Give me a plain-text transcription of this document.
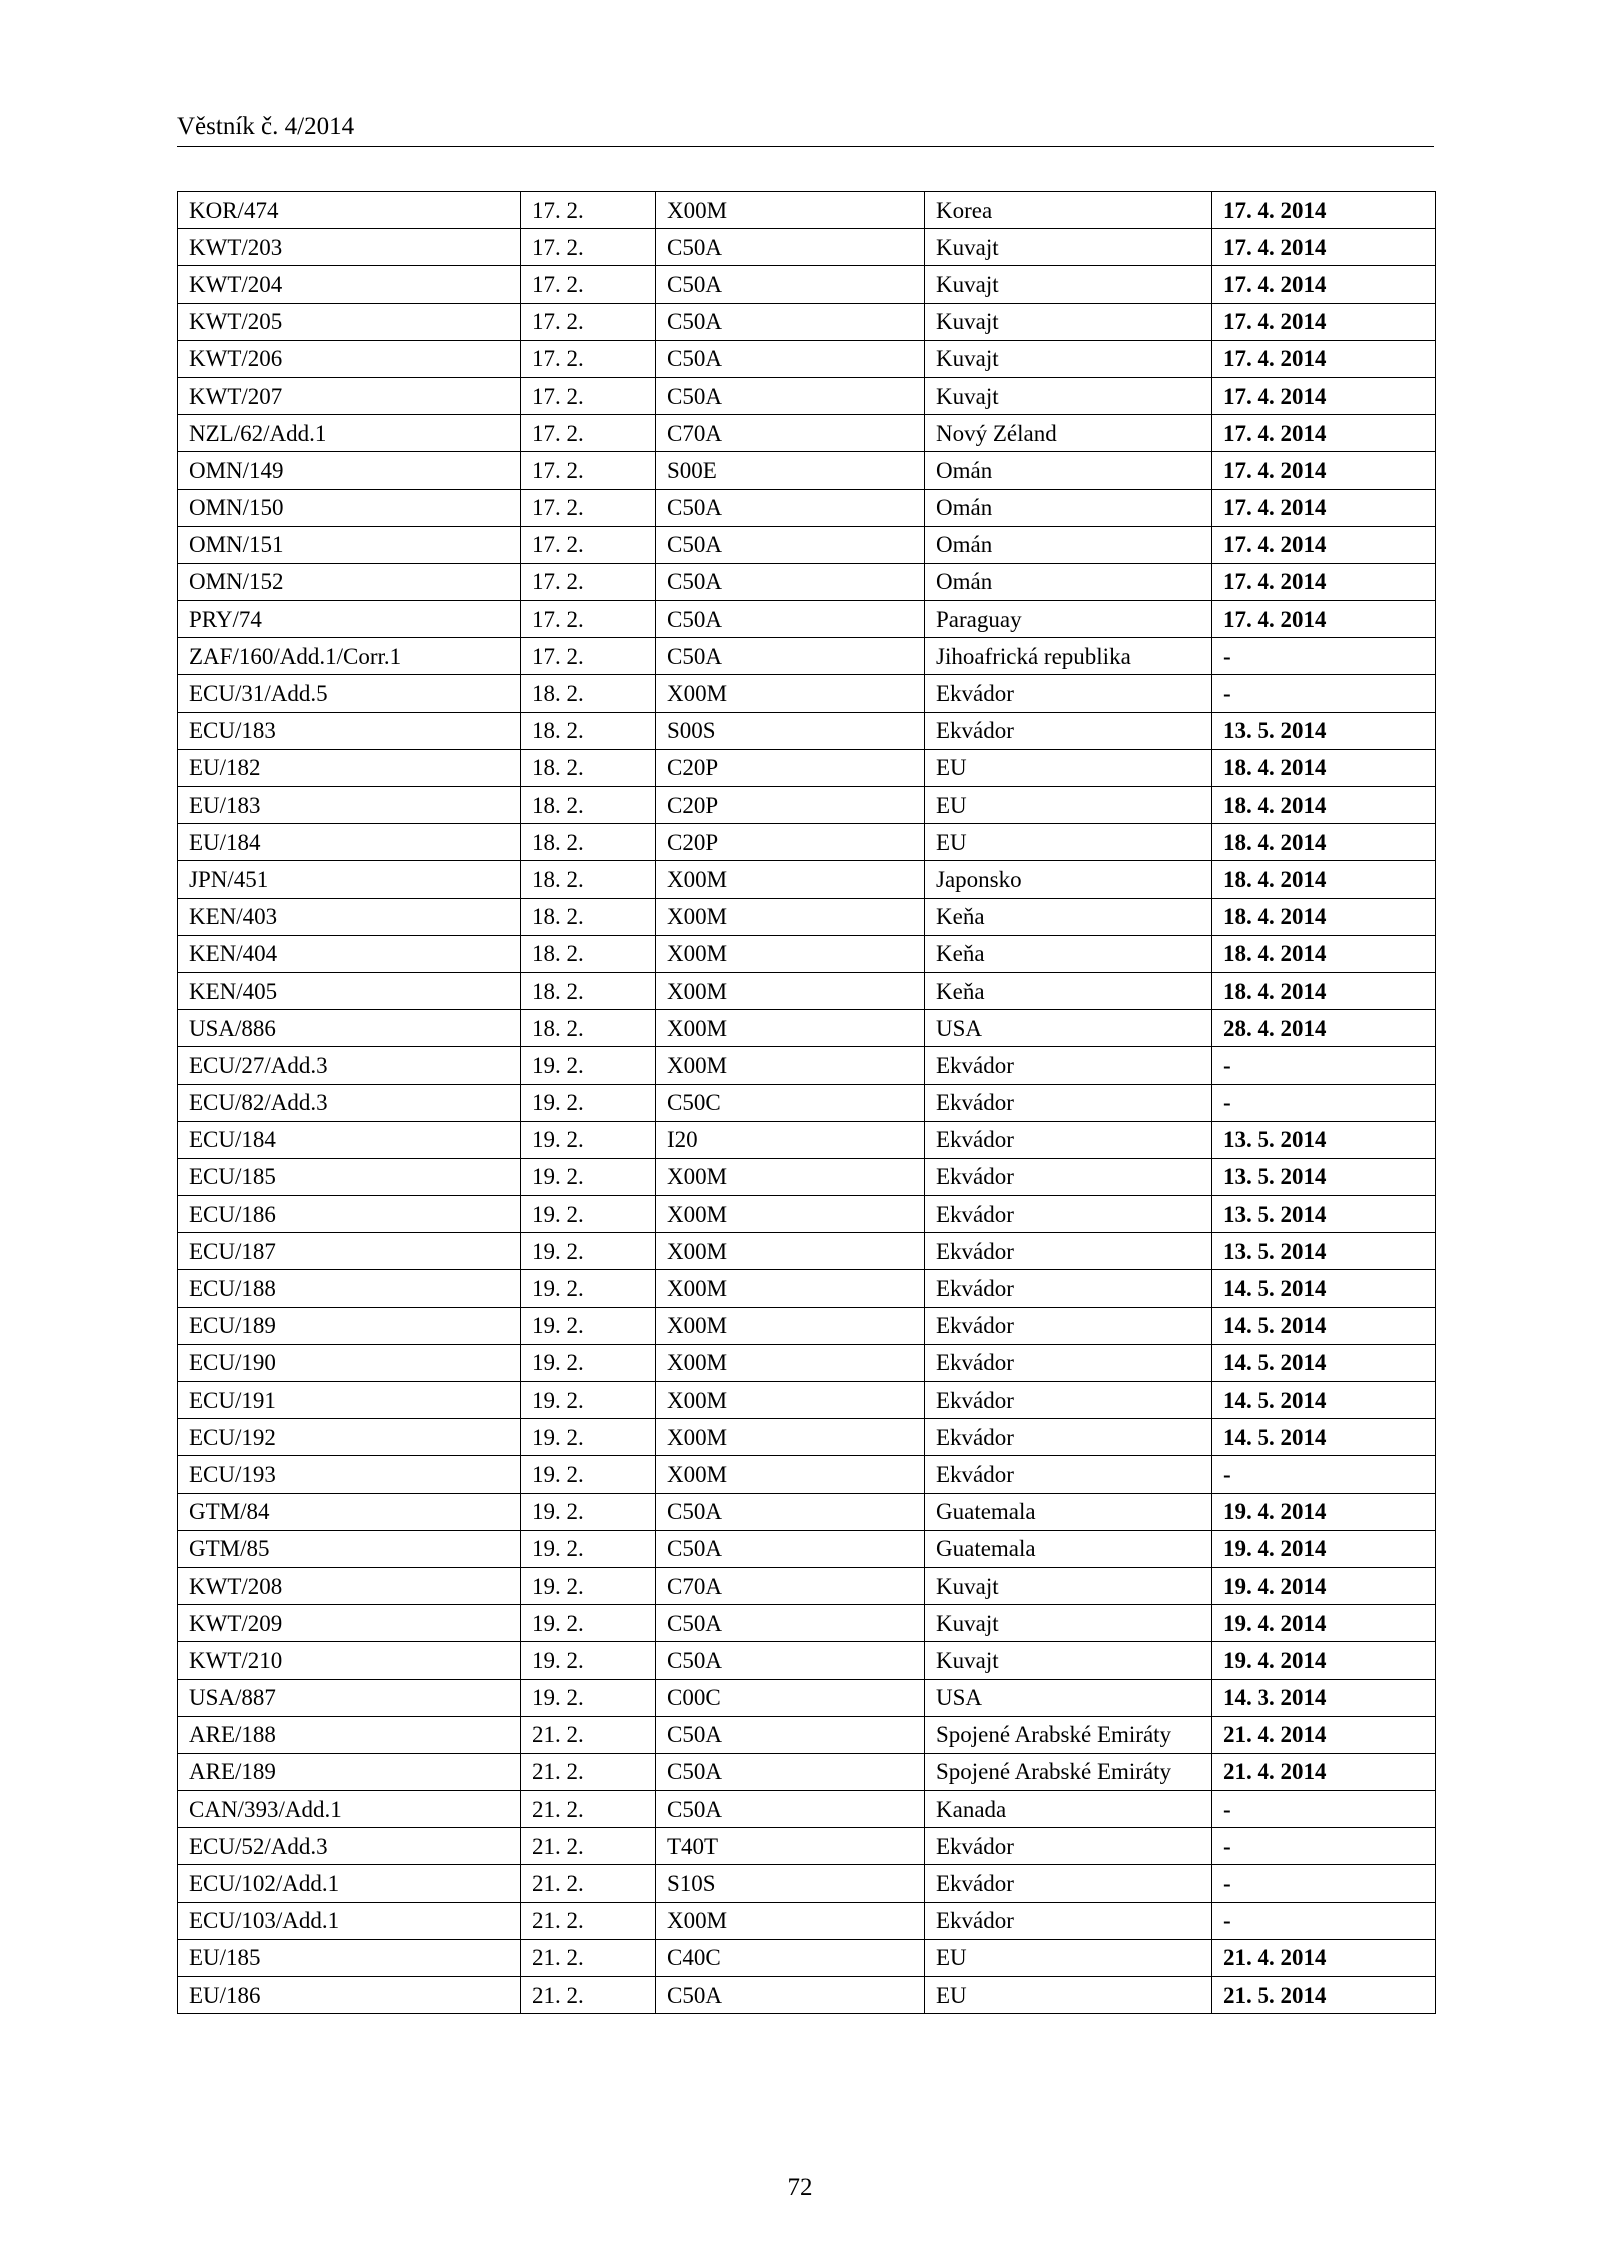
Věstník č. 4/2014
KOR/474	17. 2.	X00M	Korea	17. 4. 2014
KWT/203	17. 2.	C50A	Kuvajt	17. 4. 2014
KWT/204	17. 2.	C50A	Kuvajt	17. 4. 2014
KWT/205	17. 2.	C50A	Kuvajt	17. 4. 2014
KWT/206	17. 2.	C50A	Kuvajt	17. 4. 2014
KWT/207	17. 2.	C50A	Kuvajt	17. 4. 2014
NZL/62/Add.1	17. 2.	C70A	Nový Zéland	17. 4. 2014
OMN/149	17. 2.	S00E	Omán	17. 4. 2014
OMN/150	17. 2.	C50A	Omán	17. 4. 2014
OMN/151	17. 2.	C50A	Omán	17. 4. 2014
OMN/152	17. 2.	C50A	Omán	17. 4. 2014
PRY/74	17. 2.	C50A	Paraguay	17. 4. 2014
ZAF/160/Add.1/Corr.1	17. 2.	C50A	Jihoafrická republika	-
ECU/31/Add.5	18. 2.	X00M	Ekvádor	-
ECU/183	18. 2.	S00S	Ekvádor	13. 5. 2014
EU/182	18. 2.	C20P	EU	18. 4. 2014
EU/183	18. 2.	C20P	EU	18. 4. 2014
EU/184	18. 2.	C20P	EU	18. 4. 2014
JPN/451	18. 2.	X00M	Japonsko	18. 4. 2014
KEN/403	18. 2.	X00M	Keňa	18. 4. 2014
KEN/404	18. 2.	X00M	Keňa	18. 4. 2014
KEN/405	18. 2.	X00M	Keňa	18. 4. 2014
USA/886	18. 2.	X00M	USA	28. 4. 2014
ECU/27/Add.3	19. 2.	X00M	Ekvádor	-
ECU/82/Add.3	19. 2.	C50C	Ekvádor	-
ECU/184	19. 2.	I20	Ekvádor	13. 5. 2014
ECU/185	19. 2.	X00M	Ekvádor	13. 5. 2014
ECU/186	19. 2.	X00M	Ekvádor	13. 5. 2014
ECU/187	19. 2.	X00M	Ekvádor	13. 5. 2014
ECU/188	19. 2.	X00M	Ekvádor	14. 5. 2014
ECU/189	19. 2.	X00M	Ekvádor	14. 5. 2014
ECU/190	19. 2.	X00M	Ekvádor	14. 5. 2014
ECU/191	19. 2.	X00M	Ekvádor	14. 5. 2014
ECU/192	19. 2.	X00M	Ekvádor	14. 5. 2014
ECU/193	19. 2.	X00M	Ekvádor	-
GTM/84	19. 2.	C50A	Guatemala	19. 4. 2014
GTM/85	19. 2.	C50A	Guatemala	19. 4. 2014
KWT/208	19. 2.	C70A	Kuvajt	19. 4. 2014
KWT/209	19. 2.	C50A	Kuvajt	19. 4. 2014
KWT/210	19. 2.	C50A	Kuvajt	19. 4. 2014
USA/887	19. 2.	C00C	USA	14. 3. 2014
ARE/188	21. 2.	C50A	Spojené Arabské Emiráty	21. 4. 2014
ARE/189	21. 2.	C50A	Spojené Arabské Emiráty	21. 4. 2014
CAN/393/Add.1	21. 2.	C50A	Kanada	-
ECU/52/Add.3	21. 2.	T40T	Ekvádor	-
ECU/102/Add.1	21. 2.	S10S	Ekvádor	-
ECU/103/Add.1	21. 2.	X00M	Ekvádor	-
EU/185	21. 2.	C40C	EU	21. 4. 2014
EU/186	21. 2.	C50A	EU	21. 5. 2014
72
